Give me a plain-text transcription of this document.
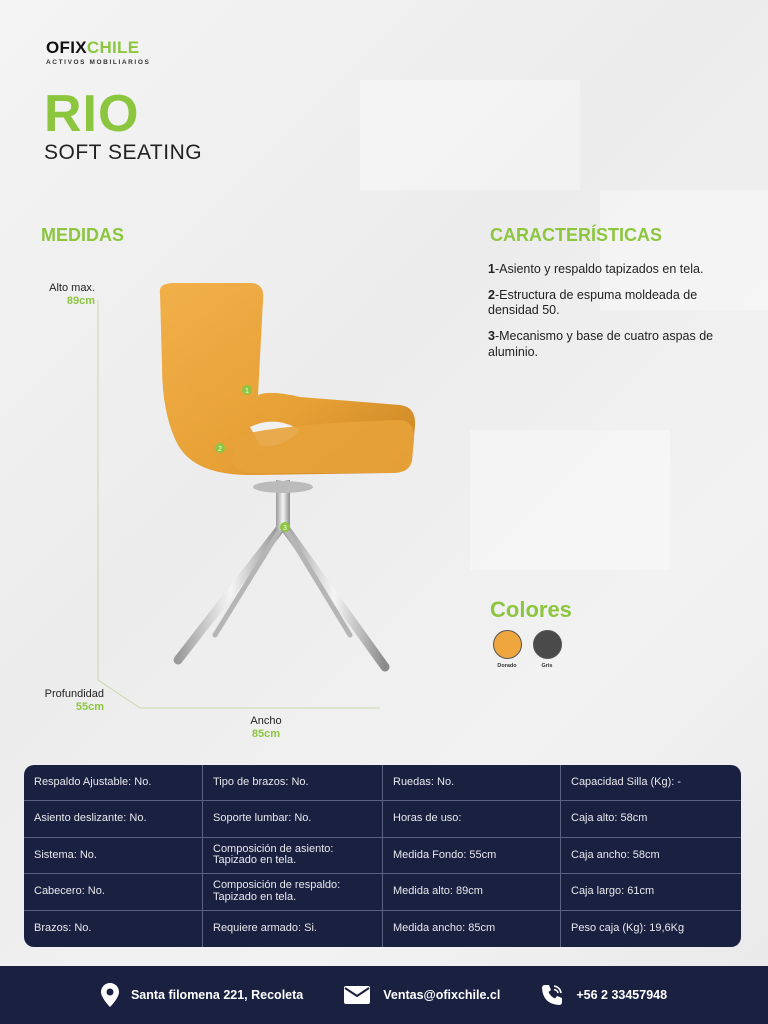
OFIXCHILE
ACTIVOS MOBILIARIOS
RIO
SOFT SEATING
MEDIDAS	CARACTERÍSTICAS
1-Asiento y respaldo tapizados en tela.
2-Estructura de espuma moldeada de densidad 50.
3-Mecanismo y base de cuatro aspas de aluminio.
Alto max.
89cm
Profundidad
55cm
Ancho
85cm
1
2
3
Colores
Dorado	Gris
Respaldo Ajustable: No.	Tipo de brazos: No.	Ruedas: No.	Capacidad Silla (Kg): -
Asiento deslizante: No.	Soporte lumbar: No.	Horas de uso:	Caja alto: 58cm
Sistema: No.	Composición de asiento: Tapizado en tela.	Medida Fondo: 55cm	Caja ancho: 58cm
Cabecero: No.	Composición de respaldo: Tapizado en tela.	Medida alto: 89cm	Caja largo: 61cm
Brazos: No.	Requiere armado: Si.	Medida ancho: 85cm	Peso caja (Kg): 19,6Kg
Santa filomena 221, Recoleta	Ventas@ofixchile.cl	+56 2 33457948
